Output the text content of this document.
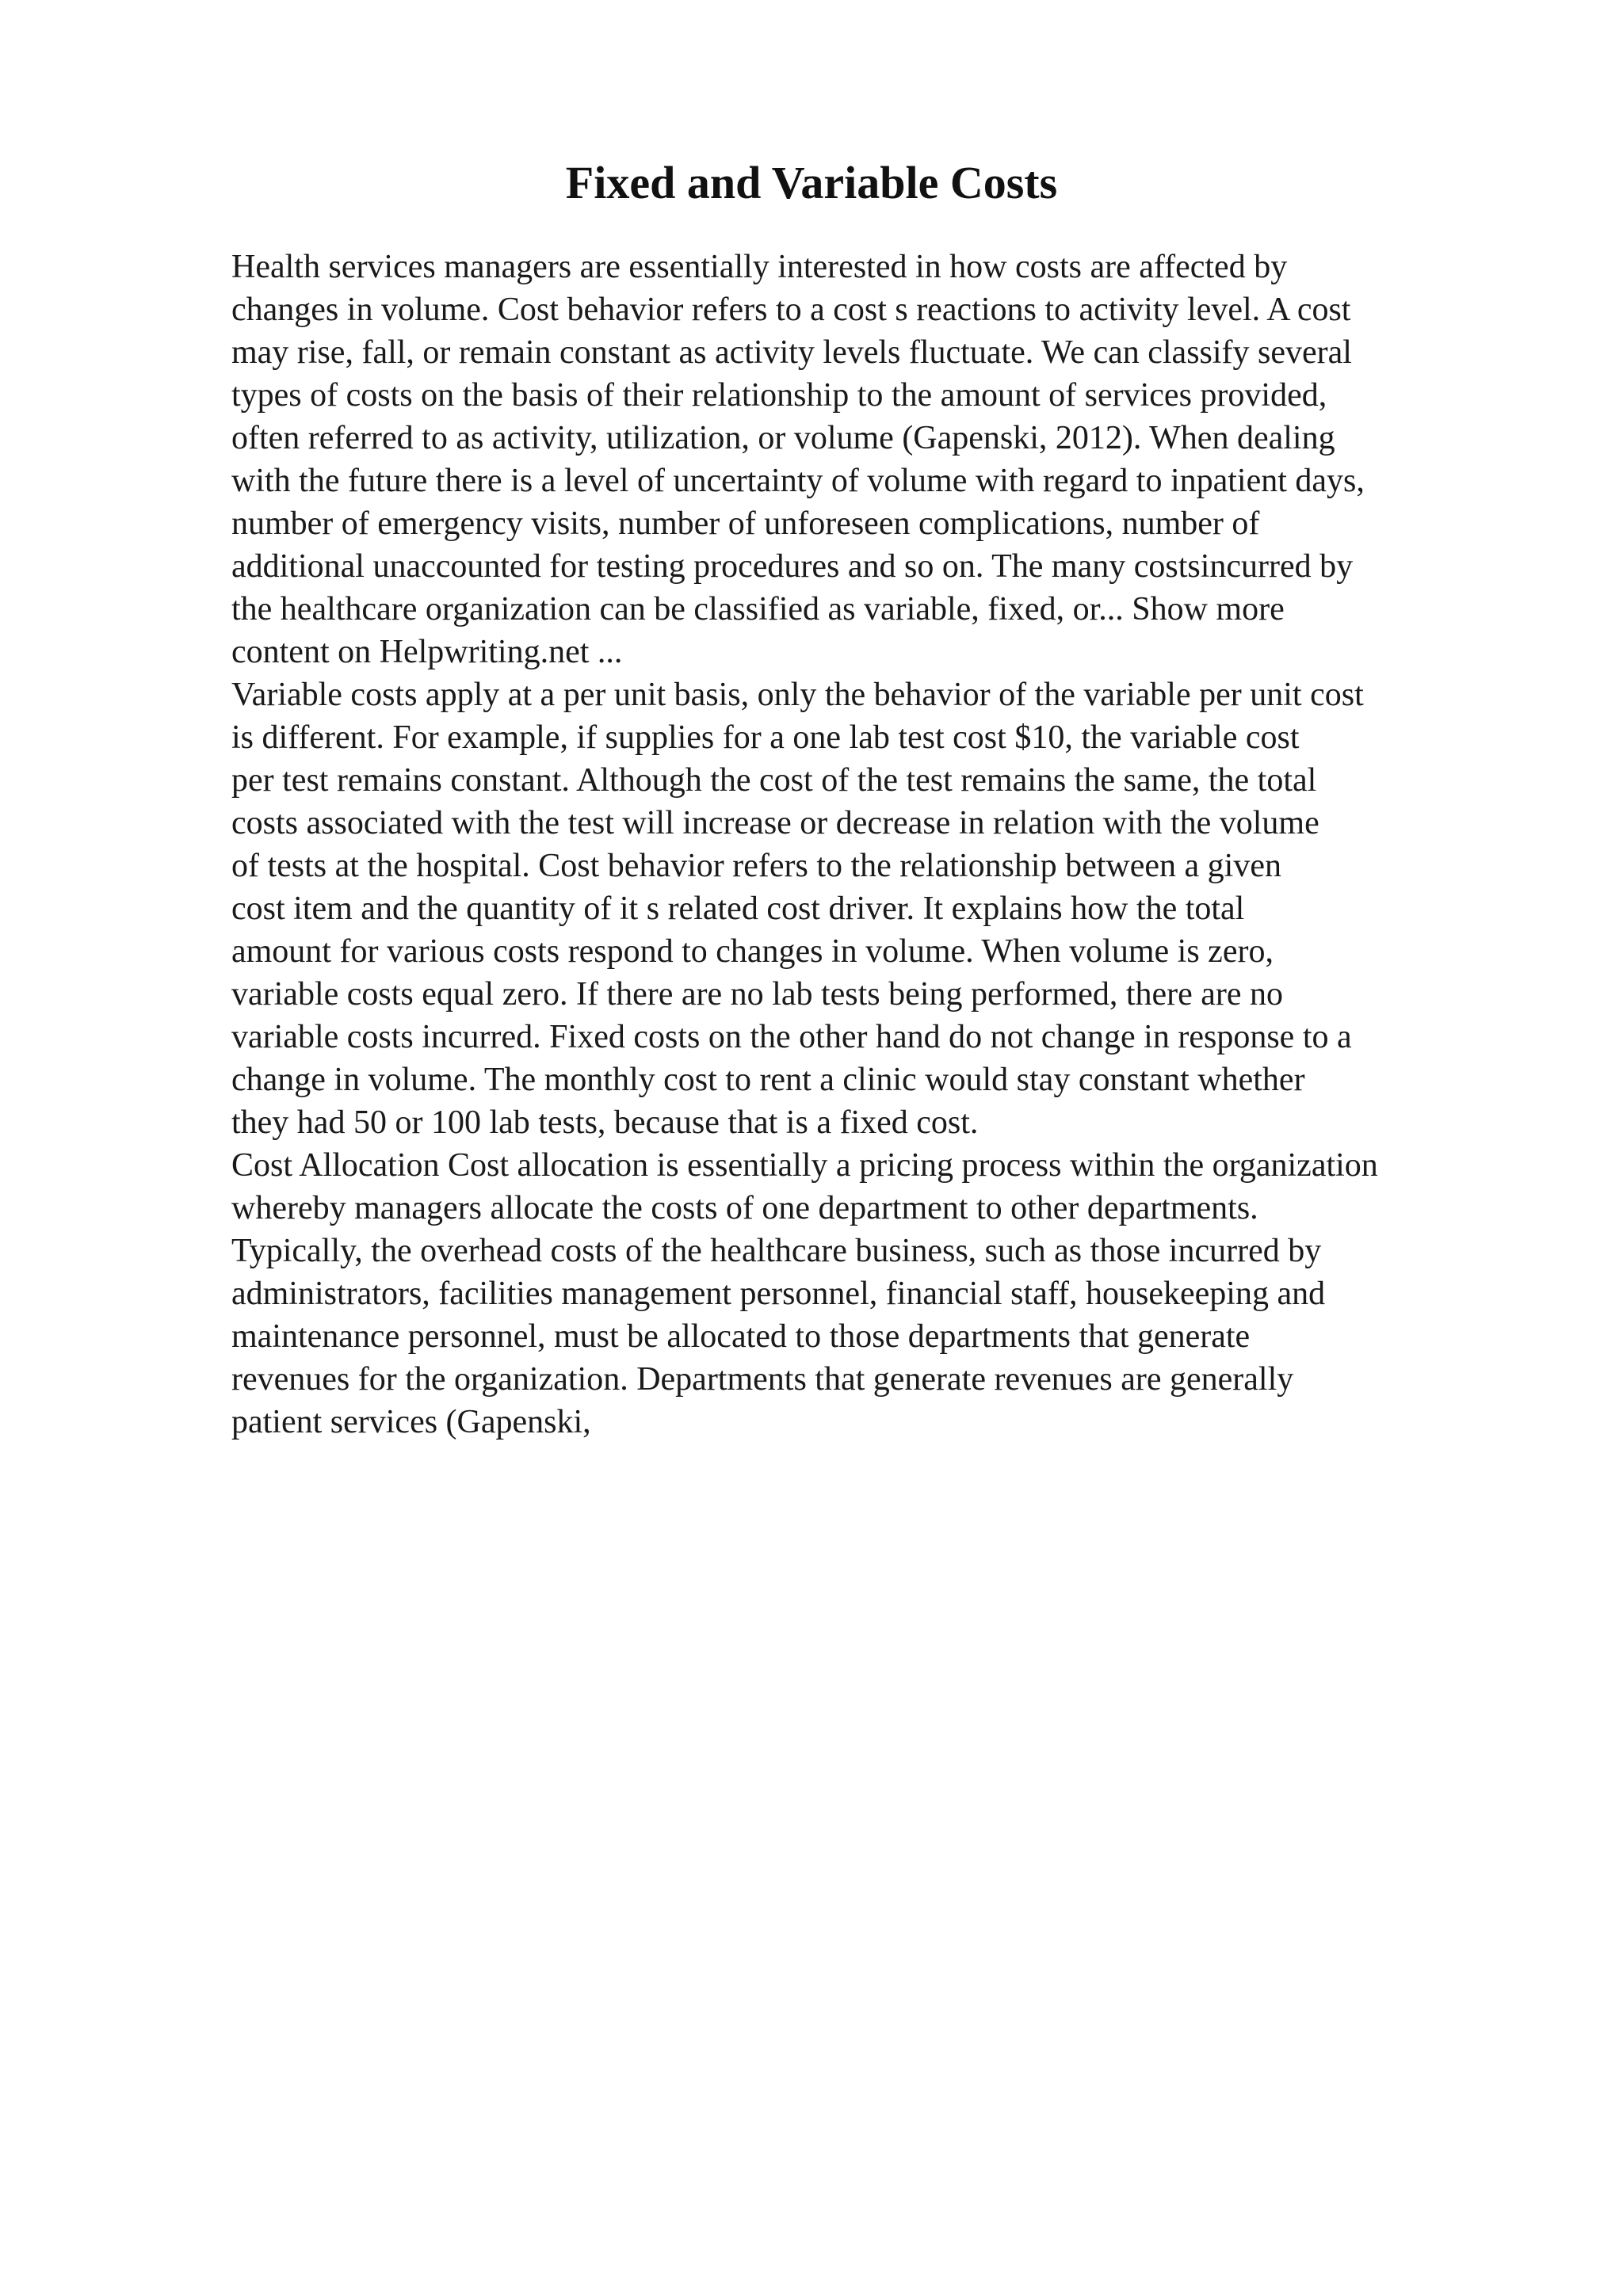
Fixed and Variable Costs
Health services managers are essentially interested in how costs are affected by
changes in volume. Cost behavior refers to a cost s reactions to activity level. A cost
may rise, fall, or remain constant as activity levels fluctuate. We can classify several
types of costs on the basis of their relationship to the amount of services provided,
often referred to as activity, utilization, or volume (Gapenski, 2012). When dealing
with the future there is a level of uncertainty of volume with regard to inpatient days,
number of emergency visits, number of unforeseen complications, number of
additional unaccounted for testing procedures and so on. The many costsincurred by
the healthcare organization can be classified as variable, fixed, or... Show more
content on Helpwriting.net ...
Variable costs apply at a per unit basis, only the behavior of the variable per unit cost
is different. For example, if supplies for a one lab test cost $10, the variable cost
per test remains constant. Although the cost of the test remains the same, the total
costs associated with the test will increase or decrease in relation with the volume
of tests at the hospital. Cost behavior refers to the relationship between a given
cost item and the quantity of it s related cost driver. It explains how the total
amount for various costs respond to changes in volume. When volume is zero,
variable costs equal zero. If there are no lab tests being performed, there are no
variable costs incurred. Fixed costs on the other hand do not change in response to a
change in volume. The monthly cost to rent a clinic would stay constant whether
they had 50 or 100 lab tests, because that is a fixed cost.
Cost Allocation Cost allocation is essentially a pricing process within the organization
whereby managers allocate the costs of one department to other departments.
Typically, the overhead costs of the healthcare business, such as those incurred by
administrators, facilities management personnel, financial staff, housekeeping and
maintenance personnel, must be allocated to those departments that generate
revenues for the organization. Departments that generate revenues are generally
patient services (Gapenski,
